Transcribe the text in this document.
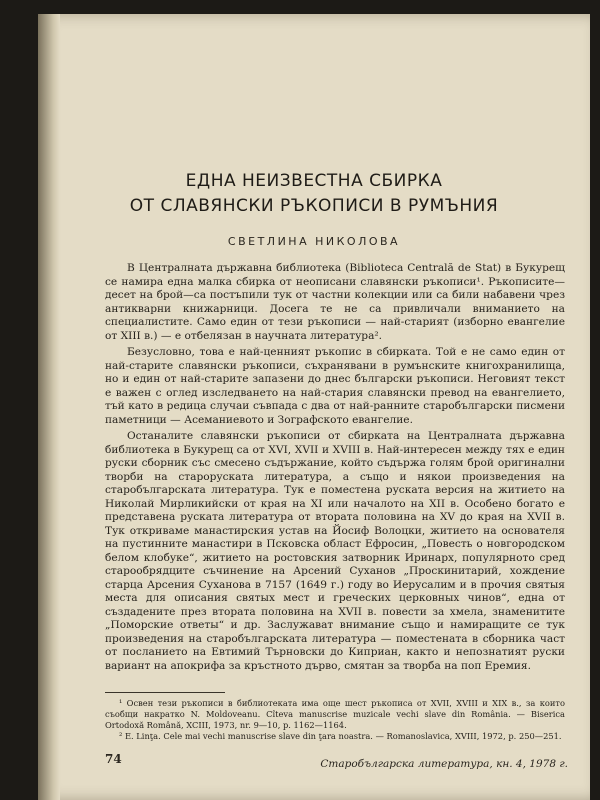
ЕДНА НЕИЗВЕСТНА СБИРКА
ОТ СЛАВЯНСКИ РЪКОПИСИ В РУМЪНИЯ
СВЕТЛИНА НИКОЛОВА

В Централната държавна библиотека (Biblioteca Centrală de Stat) в Букурещ се намира една малка сбирка от неописани славянски ръкописи¹. Ръкописите—десет на брой—са постъпили тук от частни колекции или са били набавени чрез антикварни книжарници. Досега те не са привличали вниманието на специалистите. Само един от тези ръкописи — най-старият (изборно евангелие от XIII в.) — е отбелязан в научната литература².

Безусловно, това е най-ценният ръкопис в сбирката. Той е не само един от най-старите славянски ръкописи, съхранявани в румънските книгохранилища, но и един от най-старите запазени до днес български ръкописи. Неговият текст е важен с оглед изследването на най-стария славянски превод на евангелието, тъй като в редица случаи съвпада с два от най-ранните старобългарски писмени паметници — Асеманиевото и Зографското евангелие.

Останалите славянски ръкописи от сбирката на Централната държавна библиотека в Букурещ са от XVI, XVII и XVIII в. Най-интересен между тях е един руски сборник със смесено съдържание, който съдържа голям брой оригинални творби на староруската литература, а също и някои произведения на старобългарската литература. Тук е поместена руската версия на житието на Николай Мирликийски от края на XI или началото на XII в. Особено богато е представена руската литература от втората половина на XV до края на XVII в. Тук откриваме манастирския устав на Йосиф Волоцки, житието на основателя на пустинните манастири в Псковска област Ефросин, „Повесть о новгородском белом клобуке“, житието на ростовския затворник Иринарх, популярното сред старообрядците съчинение на Арсений Суханов „Проскинитарий, хождение старца Арсения Суханова в 7157 (1649 г.) году во Иерусалим и в прочия святыя места для описания святых мест и греческих церковных чинов“, една от създадените през втората половина на XVII в. повести за хмела, знаменитите „Поморские ответы“ и др. Заслужават внимание също и намиращите се тук произведения на старобългарската литература — поместената в сборника част от посланието на Евтимий Търновски до Киприан, както и непознатият руски вариант на апокрифа за кръстното дърво, смятан за творба на поп Еремия.

¹ Освен тези ръкописи в библиотеката има още шест ръкописа от XVII, XVIII и XIX в., за които съобщи накратко N. Moldoveanu. Cîteva manuscrise muzicale vechi slave din România. — Biserica Ortodoxă Română, XCIII, 1973, nr. 9—10, p. 1162—1164.

² E. Linţa. Cele mai vechi manuscrise slave din ţara noastra. — Romanoslavica, XVIII, 1972, p. 250—251.

74	Старобългарска литература, кн. 4, 1978 г.
